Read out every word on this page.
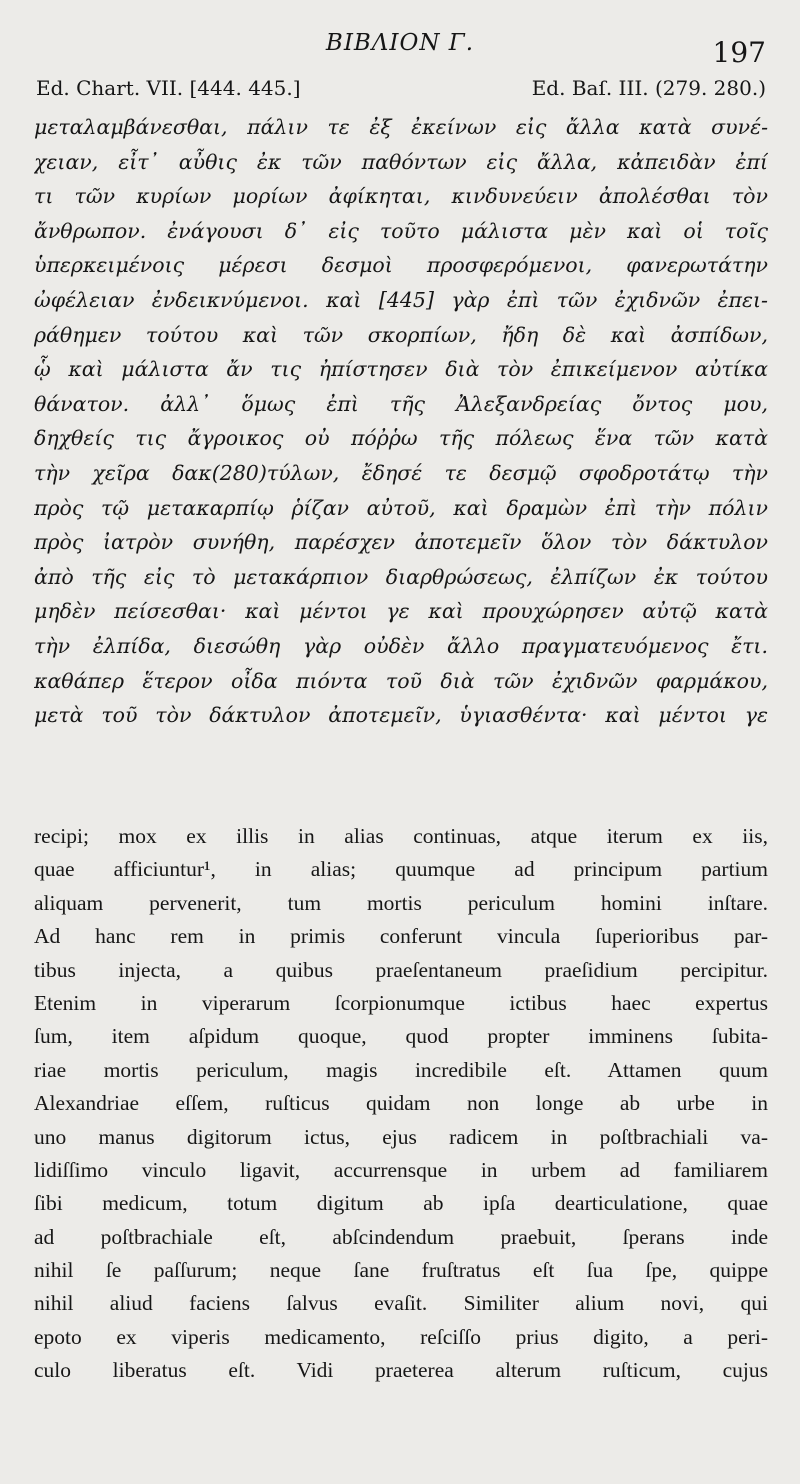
ΒΙΒΛΙΟΝ Γ.	197
Ed. Chart. VII. [444. 445.]	Ed. Baſ. III. (279. 280.)
μεταλαμβάνεσθαι, πάλιν τε ἐξ ἐκείνων εἰς ἄλλα κατὰ συνέ-
χειαν, εἶτ᾽ αὖθις ἐκ τῶν παθόντων εἰς ἄλλα, κἀπειδὰν ἐπί
τι τῶν κυρίων μορίων ἀφίκηται, κινδυνεύειν ἀπολέσθαι τὸν
ἄνθρωπον. ἐνάγουσι δ᾽ εἰς τοῦτο μάλιστα μὲν καὶ οἱ τοῖς
ὑπερκειμένοις μέρεσι δεσμοὶ προσφερόμενοι, φανερωτάτην
ὠφέλειαν ἐνδεικνύμενοι. καὶ [445] γὰρ ἐπὶ τῶν ἐχιδνῶν ἐπει-
ράθημεν τούτου καὶ τῶν σκορπίων, ἤδη δὲ καὶ ἀσπίδων,
ᾧ καὶ μάλιστα ἄν τις ἠπίστησεν διὰ τὸν ἐπικείμενον αὐτίκα
θάνατον. ἀλλ᾽ ὅμως ἐπὶ τῆς Ἀλεξανδρείας ὄντος μου,
δηχθείς τις ἄγροικος οὐ πόῤῥω τῆς πόλεως ἕνα τῶν κατὰ
τὴν χεῖρα δακ(280)τύλων, ἔδησέ τε δεσμῷ σφοδροτάτῳ τὴν
πρὸς τῷ μετακαρπίῳ ῥίζαν αὐτοῦ, καὶ δραμὼν ἐπὶ τὴν πόλιν
πρὸς ἰατρὸν συνήθη, παρέσχεν ἀποτεμεῖν ὅλον τὸν δάκτυλον
ἀπὸ τῆς εἰς τὸ μετακάρπιον διαρθρώσεως, ἐλπίζων ἐκ τούτου
μηδὲν πείσεσθαι· καὶ μέντοι γε καὶ προυχώρησεν αὐτῷ κατὰ
τὴν ἐλπίδα, διεσώθη γὰρ οὐδὲν ἄλλο πραγματευόμενος ἔτι.
καθάπερ ἕτερον οἶδα πιόντα τοῦ διὰ τῶν ἐχιδνῶν φαρμάκου,
μετὰ τοῦ τὸν δάκτυλον ἀποτεμεῖν, ὑγιασθέντα· καὶ μέντοι γε
recipi; mox ex illis in alias continuas, atque iterum ex iis,
quae afficiuntur¹, in alias; quumque ad principum partium
aliquam pervenerit, tum mortis periculum homini inſtare.
Ad hanc rem in primis conferunt vincula ſuperioribus par-
tibus injecta, a quibus praeſentaneum praeſidium percipitur.
Etenim in viperarum ſcorpionumque ictibus haec expertus
ſum, item aſpidum quoque, quod propter imminens ſubita-
riae mortis periculum, magis incredibile eſt. Attamen quum
Alexandriae eſſem, ruſticus quidam non longe ab urbe in
uno manus digitorum ictus, ejus radicem in poſtbrachiali va-
lidiſſimo vinculo ligavit, accurrensque in urbem ad familiarem
ſibi medicum, totum digitum ab ipſa dearticulatione, quae
ad poſtbrachiale eſt, abſcindendum praebuit, ſperans inde
nihil ſe paſſurum; neque ſane fruſtratus eſt ſua ſpe, quippe
nihil aliud faciens ſalvus evaſit. Similiter alium novi, qui
epoto ex viperis medicamento, reſciſſo prius digito, a peri-
culo liberatus eſt. Vidi praeterea alterum ruſticum, cujus
